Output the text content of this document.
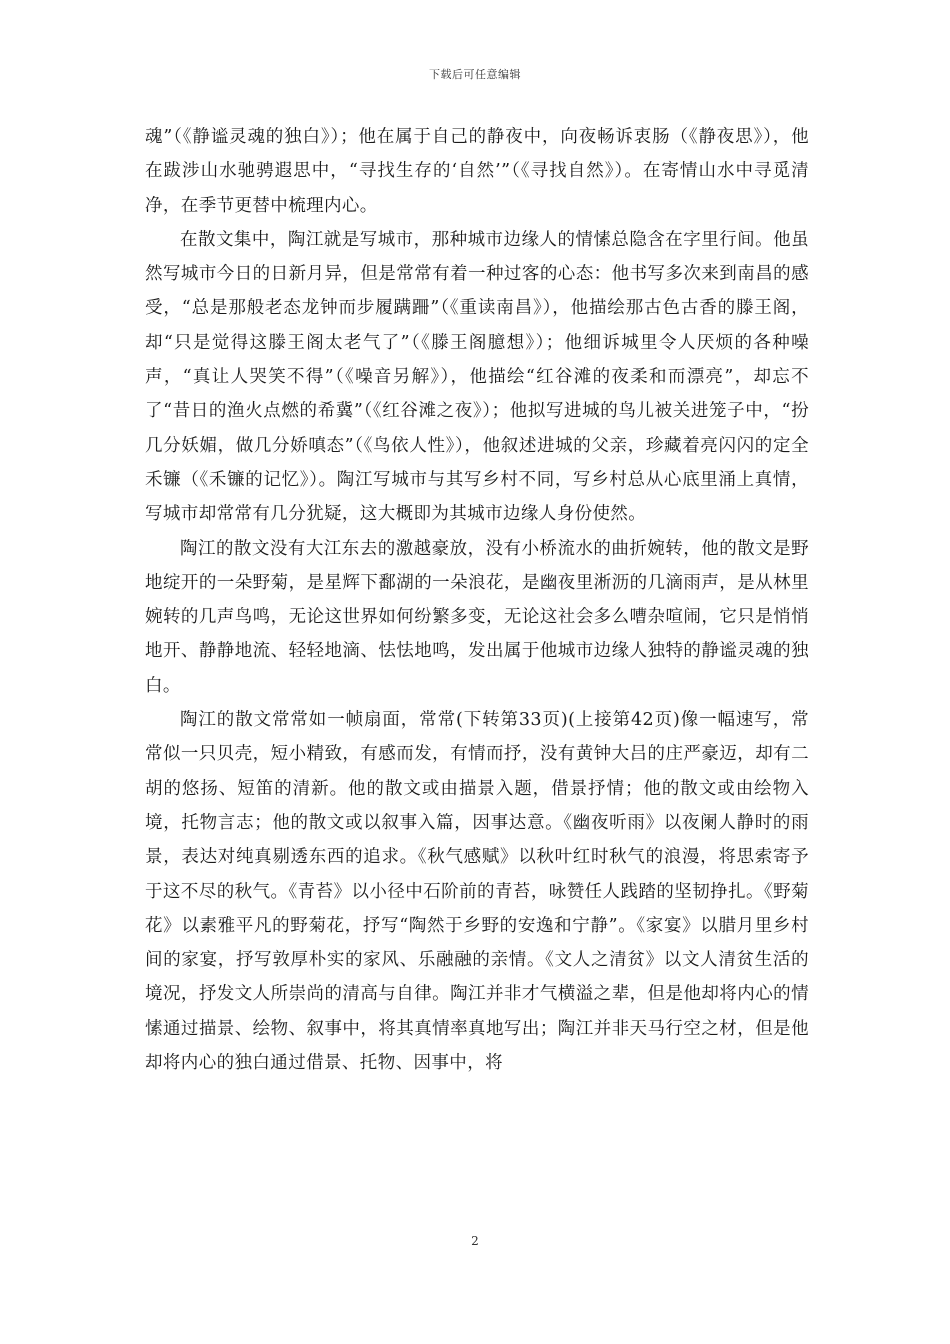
下载后可任意编辑

魂”（《静谧灵魂的独白》）；他在属于自己的静夜中，向夜畅诉衷肠（《静夜思》），他在跋涉山水驰骋遐思中，“寻找生存的‘自然’”（《寻找自然》）。在寄情山水中寻觅清净，在季节更替中梳理内心。

在散文集中，陶江就是写城市，那种城市边缘人的情愫总隐含在字里行间。他虽然写城市今日的日新月异，但是常常有着一种过客的心态：他书写多次来到南昌的感受，“总是那般老态龙钟而步履蹒跚”（《重读南昌》），他描绘那古色古香的滕王阁，却“只是觉得这滕王阁太老气了”（《滕王阁臆想》）；他细诉城里令人厌烦的各种噪声，“真让人哭笑不得”（《噪音另解》），他描绘“红谷滩的夜柔和而漂亮”，却忘不了“昔日的渔火点燃的希冀”（《红谷滩之夜》）；他拟写进城的鸟儿被关进笼子中，“扮几分妖媚，做几分娇嗔态”（《鸟依人性》），他叙述进城的父亲，珍藏着亮闪闪的定全禾镰（《禾镰的记忆》）。陶江写城市与其写乡村不同，写乡村总从心底里涌上真情，写城市却常常有几分犹疑，这大概即为其城市边缘人身份使然。

陶江的散文没有大江东去的激越豪放，没有小桥流水的曲折婉转，他的散文是野地绽开的一朵野菊，是星辉下鄱湖的一朵浪花，是幽夜里淅沥的几滴雨声，是从林里婉转的几声鸟鸣，无论这世界如何纷繁多变，无论这社会多么嘈杂喧闹，它只是悄悄地开、静静地流、轻轻地滴、怯怯地鸣，发出属于他城市边缘人独特的静谧灵魂的独白。

陶江的散文常常如一帧扇面，常常(下转第33页)(上接第42页)像一幅速写，常常似一只贝壳，短小精致，有感而发，有情而抒，没有黄钟大吕的庄严豪迈，却有二胡的悠扬、短笛的清新。他的散文或由描景入题，借景抒情；他的散文或由绘物入境，托物言志；他的散文或以叙事入篇，因事达意。《幽夜听雨》以夜阑人静时的雨景，表达对纯真剔透东西的追求。《秋气感赋》以秋叶红时秋气的浪漫，将思索寄予于这不尽的秋气。《青苔》以小径中石阶前的青苔，咏赞任人践踏的坚韧挣扎。《野菊花》以素雅平凡的野菊花，抒写“陶然于乡野的安逸和宁静”。《家宴》以腊月里乡村间的家宴，抒写敦厚朴实的家风、乐融融的亲情。《文人之清贫》以文人清贫生活的境况，抒发文人所崇尚的清高与自律。陶江并非才气横溢之辈，但是他却将内心的情愫通过描景、绘物、叙事中，将其真情率真地写出；陶江并非天马行空之材，但是他却将内心的独白通过借景、托物、因事中，将

2
